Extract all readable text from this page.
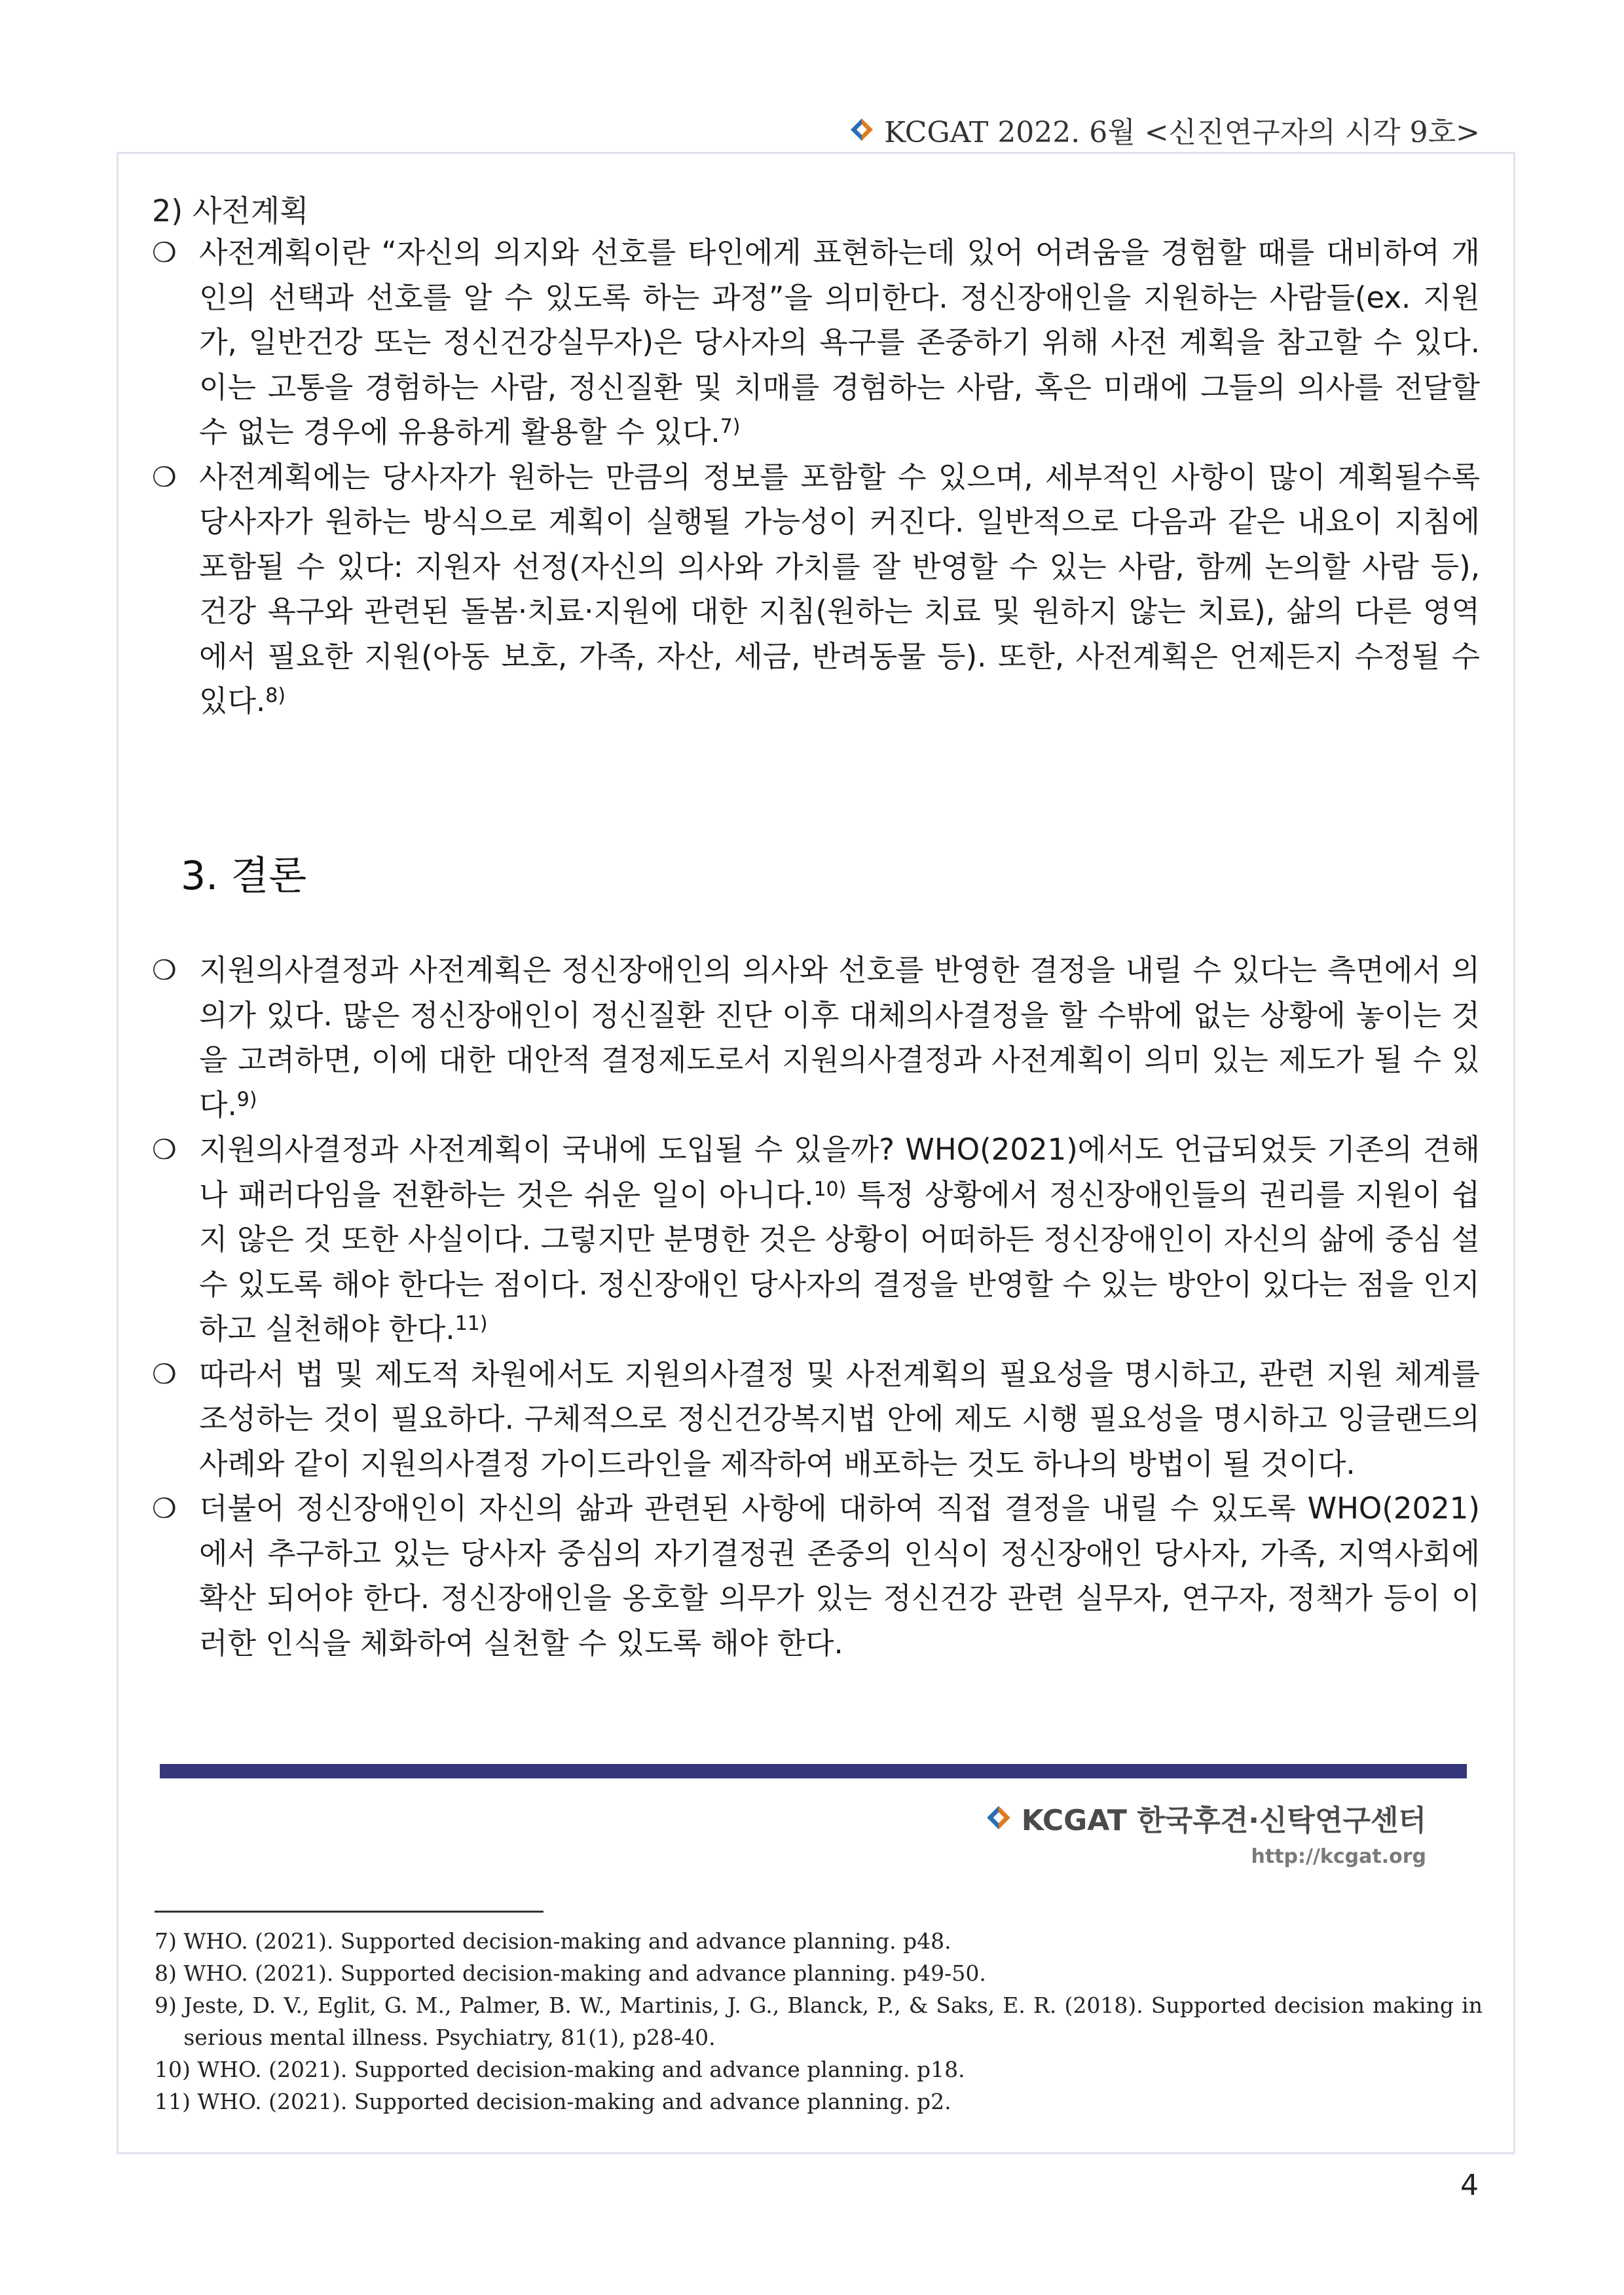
KCGAT 2022. 6월 <신진연구자의 시각 9호>
2) 사전계획
❍ 사전계획이란 “자신의 의지와 선호를 타인에게 표현하는데 있어 어려움을 경험할 때를 대비하여 개인의 선택과 선호를 알 수 있도록 하는 과정”을 의미한다. 정신장애인을 지원하는 사람들(ex. 지원가, 일반건강 또는 정신건강실무자)은 당사자의 욕구를 존중하기 위해 사전 계획을 참고할 수 있다. 이는 고통을 경험하는 사람, 정신질환 및 치매를 경험하는 사람, 혹은 미래에 그들의 의사를 전달할 수 없는 경우에 유용하게 활용할 수 있다.$^{7)}$
❍ 사전계획에는 당사자가 원하는 만큼의 정보를 포함할 수 있으며, 세부적인 사항이 많이 계획될수록 당사자가 원하는 방식으로 계획이 실행될 가능성이 커진다. 일반적으로 다음과 같은 내요이 지침에 포함될 수 있다: 지원자 선정(자신의 의사와 가치를 잘 반영할 수 있는 사람, 함께 논의할 사람 등), 건강 욕구와 관련된 돌봄·치료·지원에 대한 지침(원하는 치료 및 원하지 않는 치료), 삶의 다른 영역에서 필요한 지원(아동 보호, 가족, 자산, 세금, 반려동물 등). 또한, 사전계획은 언제든지 수정될 수 있다.$^{8)}$
3. 결론
❍ 지원의사결정과 사전계획은 정신장애인의 의사와 선호를 반영한 결정을 내릴 수 있다는 측면에서 의의가 있다. 많은 정신장애인이 정신질환 진단 이후 대체의사결정을 할 수밖에 없는 상황에 놓이는 것을 고려하면, 이에 대한 대안적 결정제도로서 지원의사결정과 사전계획이 의미 있는 제도가 될 수 있다.$^{9)}$
❍ 지원의사결정과 사전계획이 국내에 도입될 수 있을까? WHO(2021)에서도 언급되었듯 기존의 견해나 패러다임을 전환하는 것은 쉬운 일이 아니다.$^{10)}$ 특정 상황에서 정신장애인들의 권리를 지원이 쉽지 않은 것 또한 사실이다. 그렇지만 분명한 것은 상황이 어떠하든 정신장애인이 자신의 삶에 중심 설 수 있도록 해야 한다는 점이다. 정신장애인 당사자의 결정을 반영할 수 있는 방안이 있다는 점을 인지하고 실천해야 한다.$^{11)}$
❍ 따라서 법 및 제도적 차원에서도 지원의사결정 및 사전계획의 필요성을 명시하고, 관련 지원 체계를 조성하는 것이 필요하다. 구체적으로 정신건강복지법 안에 제도 시행 필요성을 명시하고 잉글랜드의 사례와 같이 지원의사결정 가이드라인을 제작하여 배포하는 것도 하나의 방법이 될 것이다.
❍ 더불어 정신장애인이 자신의 삶과 관련된 사항에 대하여 직접 결정을 내릴 수 있도록 WHO(2021)에서 추구하고 있는 당사자 중심의 자기결정권 존중의 인식이 정신장애인 당사자, 가족, 지역사회에 확산 되어야 한다. 정신장애인을 옹호할 의무가 있는 정신건강 관련 실무자, 연구자, 정책가 등이 이러한 인식을 체화하여 실천할 수 있도록 해야 한다.
KCGAT 한국후견·신탁연구센터
http://kcgat.org
7) WHO. (2021). Supported decision-making and advance planning. p48.
8) WHO. (2021). Supported decision-making and advance planning. p49-50.
9) Jeste, D. V., Eglit, G. M., Palmer, B. W., Martinis, J. G., Blanck, P., & Saks, E. R. (2018). Supported decision making in serious mental illness. Psychiatry, 81(1), p28-40.
10) WHO. (2021). Supported decision-making and advance planning. p18.
11) WHO. (2021). Supported decision-making and advance planning. p2.
4
